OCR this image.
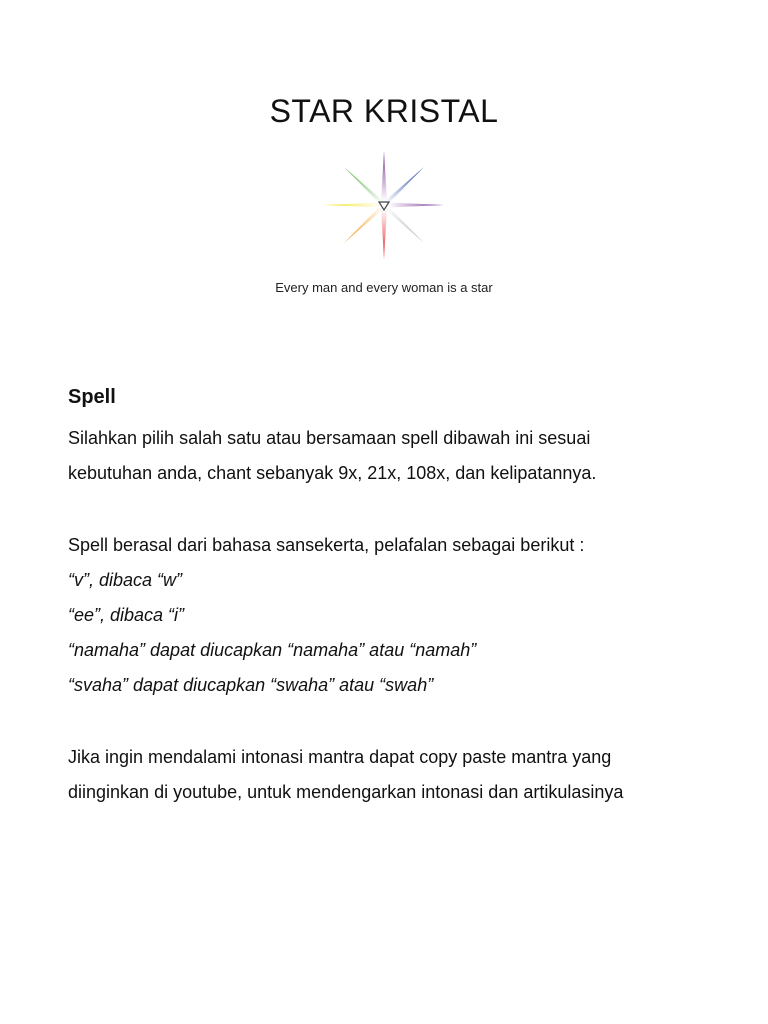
STAR KRISTAL
Every man and every woman is a star
Spell
Silahkan pilih salah satu atau bersamaan spell dibawah ini sesuai
kebutuhan anda, chant sebanyak 9x, 21x, 108x, dan kelipatannya.
Spell berasal dari bahasa sansekerta, pelafalan sebagai berikut :
“v”, dibaca “w”
“ee”, dibaca “i”
“namaha” dapat diucapkan “namaha” atau “namah”
“svaha” dapat diucapkan “swaha” atau “swah”
Jika ingin mendalami intonasi mantra dapat copy paste mantra yang
diinginkan di youtube, untuk mendengarkan intonasi dan artikulasinya
